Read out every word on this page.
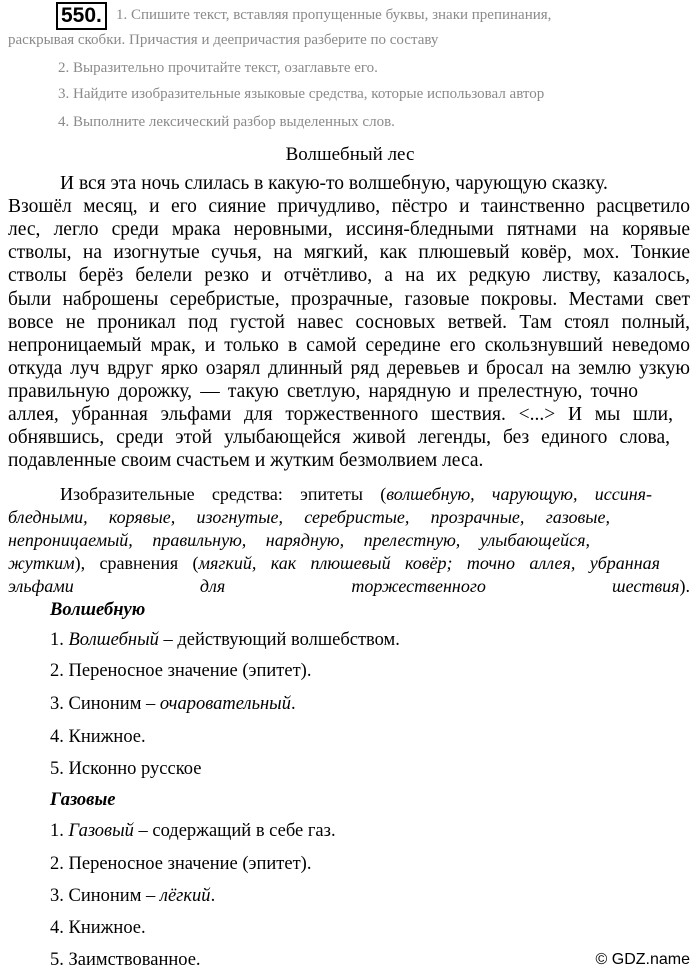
550. 1. Спишите текст, вставляя пропущенные буквы, знаки препинания,
раскрывая скобки. Причастия и деепричастия разберите по составу
2. Выразительно прочитайте текст, озаглавьте его.
3. Найдите изобразительные языковые средства, которые использовал автор
4. Выполните лексический разбор выделенных слов.
Волшебный лес
И вся эта ночь слилась в какую-то волшебную, чарующую сказку.
Взошёл месяц, и его сияние причудливо, пёстро и таинственно расцветило
лес, легло среди мрака неровными, иссиня-бледными пятнами на корявые
стволы, на изогнутые сучья, на мягкий, как плюшевый ковёр, мох. Тонкие
стволы берёз белели резко и отчётливо, а на их редкую листву, казалось,
были наброшены серебристые, прозрачные, газовые покровы. Местами свет
вовсе не проникал под густой навес сосновых ветвей. Там стоял полный,
непроницаемый мрак, и только в самой середине его скользнувший неведомо
откуда луч вдруг ярко озарял длинный ряд деревьев и бросал на землю узкую
правильную дорожку, — такую светлую, нарядную и прелестную, точно
аллея, убранная эльфами для торжественного шествия. <...> И мы шли,
обнявшись, среди этой улыбающейся живой легенды, без единого слова,
подавленные своим счастьем и жутким безмолвием леса.
Изобразительные средства: эпитеты (волшебную, чарующую, иссиня-
бледными, корявые, изогнутые, серебристые, прозрачные, газовые,
непроницаемый, правильную, нарядную, прелестную, улыбающейся,
жутким), сравнения (мягкий, как плюшевый ковёр; точно аллея, убранная
эльфами для торжественного шествия).
Волшебную
1. Волшебный – действующий волшебством.
2. Переносное значение (эпитет).
3. Синоним – очаровательный.
4. Книжное.
5. Исконно русское
Газовые
1. Газовый – содержащий в себе газ.
2. Переносное значение (эпитет).
3. Синоним – лёгкий.
4. Книжное.
5. Заимствованное.	© GDZ.name
